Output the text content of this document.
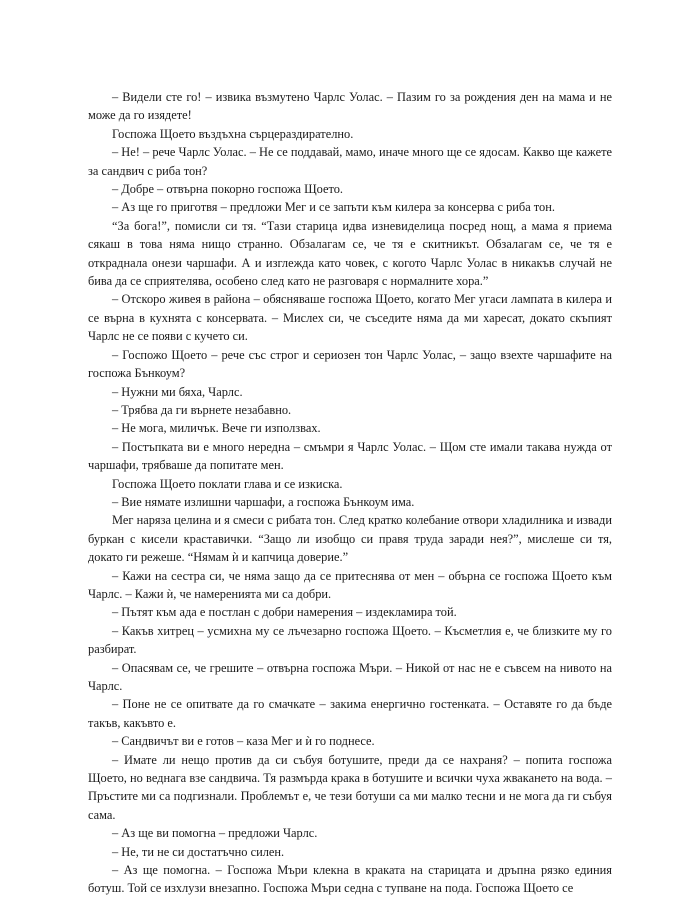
– Видели сте го! – извика възмутено Чарлс Уолас. – Пазим го за рождения ден на мама и не може да го изядете!

Госпожа Щоето въздъхна сърцераздирателно.

– Не! – рече Чарлс Уолас. – Не се поддавай, мамо, иначе много ще се ядосам. Какво ще кажете за сандвич с риба тон?

– Добре – отвърна покорно госпожа Щоето.

– Аз ще го приготвя – предложи Мег и се запъти към килера за консерва с риба тон.

“За бога!”, помисли си тя. “Тази старица идва изневиделица посред нощ, а мама я приема сякаш в това няма нищо странно. Обзалагам се, че тя е скитникът. Обзалагам се, че тя е откраднала онези чаршафи. А и изглежда като човек, с когото Чарлс Уолас в никакъв случай не бива да се сприятелява, особено след като не разговаря с нормалните хора.”

– Отскоро живея в района – обясняваше госпожа Щоето, когато Мег угаси лампата в килера и се върна в кухнята с консервата. – Мислех си, че съседите няма да ми харесат, докато скъпият Чарлс не се появи с кучето си.

– Госпожо Щоето – рече със строг и сериозен тон Чарлс Уолас, – защо взехте чаршафите на госпожа Бънкоум?

– Нужни ми бяха, Чарлс.

– Трябва да ги върнете незабавно.

– Не мога, миличък. Вече ги използвах.

– Постъпката ви е много нередна – смъмри я Чарлс Уолас. – Щом сте имали такава нужда от чаршафи, трябваше да попитате мен.

Госпожа Щоето поклати глава и се изкиска.

– Вие нямате излишни чаршафи, а госпожа Бънкоум има.

Мег наряза целина и я смеси с рибата тон. След кратко колебание отвори хладилника и извади буркан с кисели краставички. “Защо ли изобщо си правя труда заради нея?”, мислеше си тя, докато ги режеше. “Нямам ѝ и капчица доверие.”

– Кажи на сестра си, че няма защо да се притеснява от мен – обърна се госпожа Щоето към Чарлс. – Кажи ѝ, че намеренията ми са добри.

– Пътят към ада е постлан с добри намерения – издекламира той.

– Какъв хитрец – усмихна му се лъчезарно госпожа Щоето. – Късметлия е, че близките му го разбират.

– Опасявам се, че грешите – отвърна госпожа Мъри. – Никой от нас не е съвсем на нивото на Чарлс.

– Поне не се опитвате да го смачкате – закима енергично гостенката. – Оставяте го да бъде такъв, какъвто е.

– Сандвичът ви е готов – каза Мег и ѝ го поднесе.

– Имате ли нещо против да си събуя ботушите, преди да се нахраня? – попита госпожа Щоето, но веднага взе сандвича. Тя размърда крака в ботушите и всички чуха жвакането на вода. – Пръстите ми са подгизнали. Проблемът е, че тези ботуши са ми малко тесни и не мога да ги събуя сама.

– Аз ще ви помогна – предложи Чарлс.

– Не, ти не си достатъчно силен.

– Аз ще помогна. – Госпожа Мъри клекна в краката на старицата и дръпна рязко единия ботуш. Той се изхлузи внезапно. Госпожа Мъри седна с тупване на пода. Госпожа Щоето се
